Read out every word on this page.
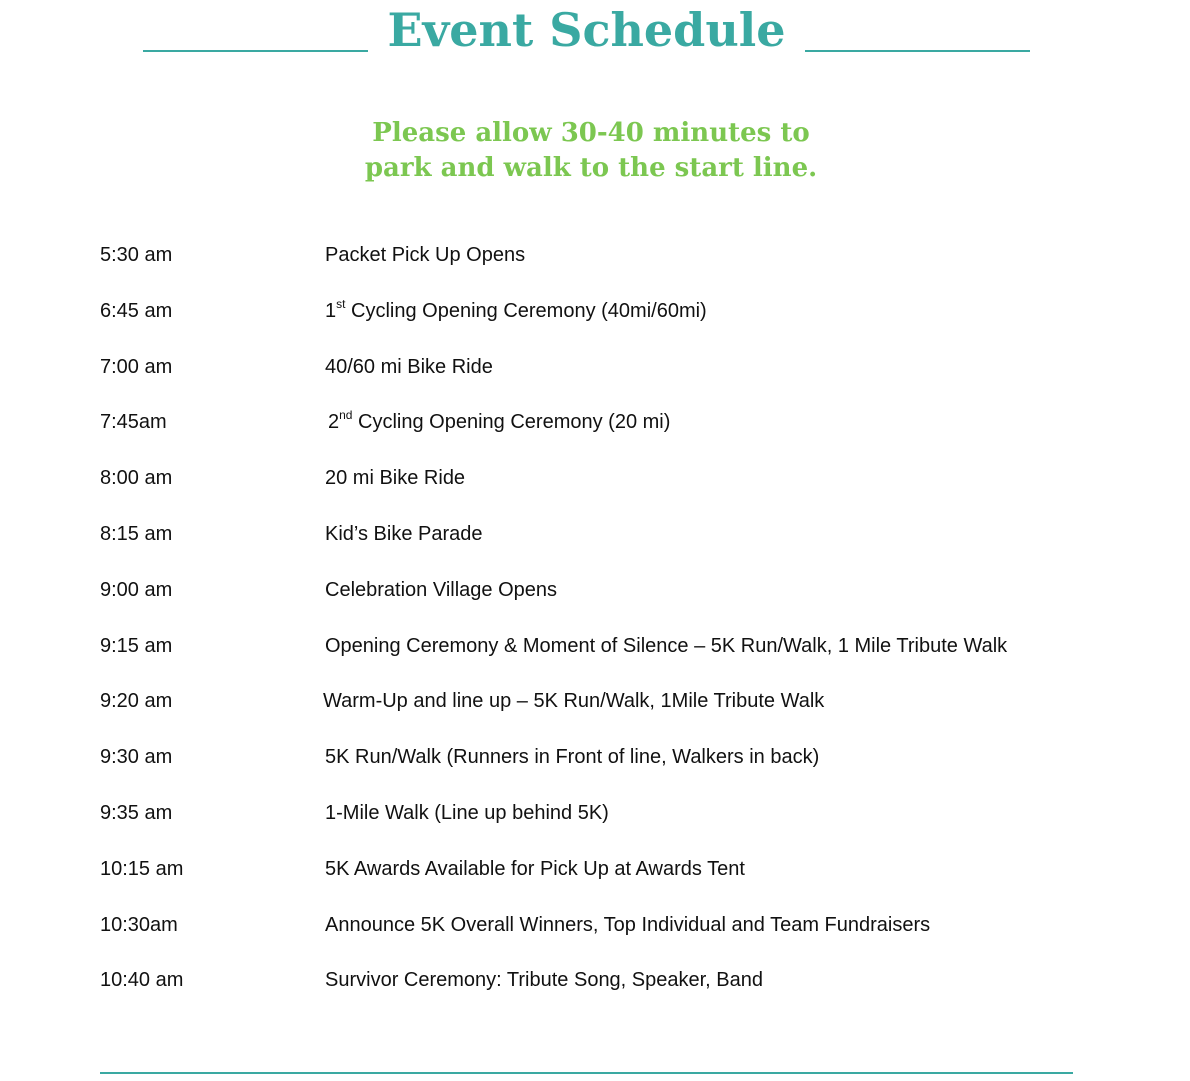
Event Schedule

Please allow 30-40 minutes to
park and walk to the start line.

5:30 am	Packet Pick Up Opens
6:45 am	1st Cycling Opening Ceremony (40mi/60mi)
7:00 am	40/60 mi Bike Ride
7:45am	2nd Cycling Opening Ceremony (20 mi)
8:00 am	20 mi Bike Ride
8:15 am	Kid’s Bike Parade
9:00 am	Celebration Village Opens
9:15 am	Opening Ceremony & Moment of Silence – 5K Run/Walk, 1 Mile Tribute Walk
9:20 am	Warm-Up and line up – 5K Run/Walk, 1Mile Tribute Walk
9:30 am	5K Run/Walk (Runners in Front of line, Walkers in back)
9:35 am	1-Mile Walk (Line up behind 5K)
10:15 am	5K Awards Available for Pick Up at Awards Tent
10:30am	Announce 5K Overall Winners, Top Individual and Team Fundraisers
10:40 am	Survivor Ceremony: Tribute Song, Speaker, Band
